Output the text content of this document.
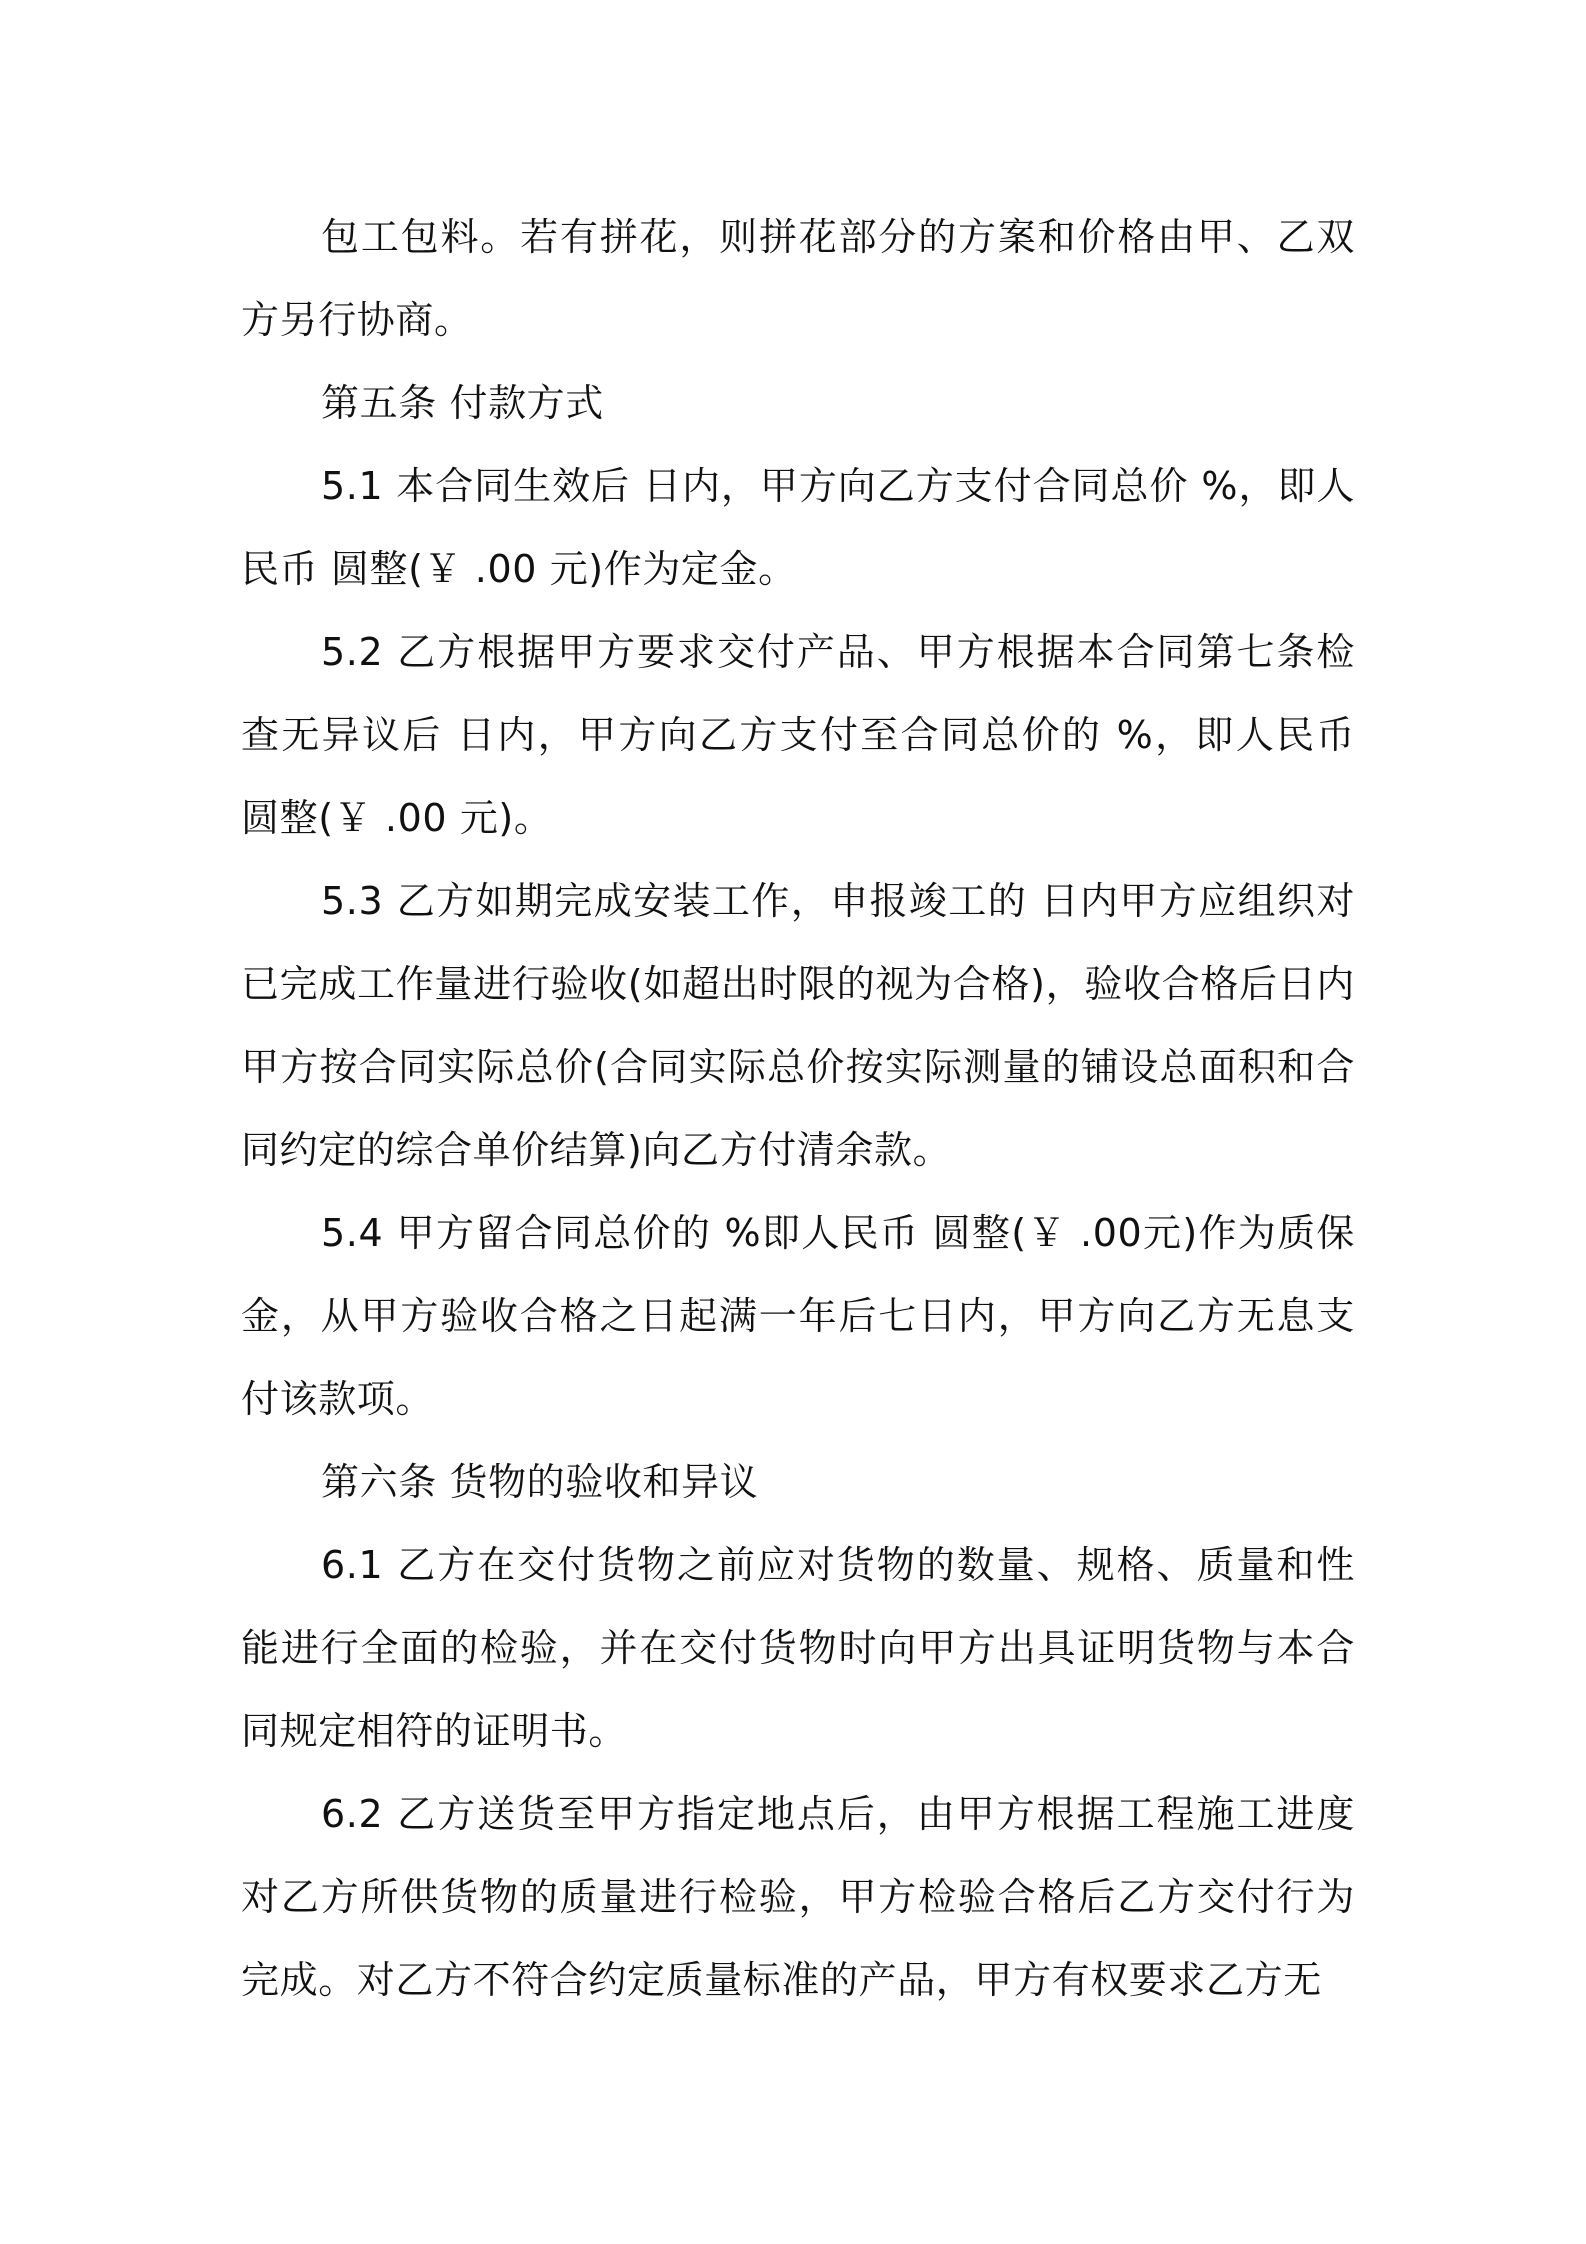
包工包料。若有拼花，则拼花部分的方案和价格由甲、乙双方另行协商。

第五条 付款方式

5.1 本合同生效后 日内，甲方向乙方支付合同总价 %，即人民币 圆整(￥ .00 元)作为定金。

5.2 乙方根据甲方要求交付产品、甲方根据本合同第七条检查无异议后 日内，甲方向乙方支付至合同总价的 %，即人民币 圆整(￥ .00 元)。

5.3 乙方如期完成安装工作，申报竣工的 日内甲方应组织对已完成工作量进行验收(如超出时限的视为合格)，验收合格后日内甲方按合同实际总价(合同实际总价按实际测量的铺设总面积和合同约定的综合单价结算)向乙方付清余款。

5.4 甲方留合同总价的 %即人民币 圆整(￥ .00元)作为质保金，从甲方验收合格之日起满一年后七日内，甲方向乙方无息支付该款项。

第六条 货物的验收和异议

6.1 乙方在交付货物之前应对货物的数量、规格、质量和性能进行全面的检验，并在交付货物时向甲方出具证明货物与本合同规定相符的证明书。

6.2 乙方送货至甲方指定地点后，由甲方根据工程施工进度对乙方所供货物的质量进行检验，甲方检验合格后乙方交付行为完成。对乙方不符合约定质量标准的产品，甲方有权要求乙方无
